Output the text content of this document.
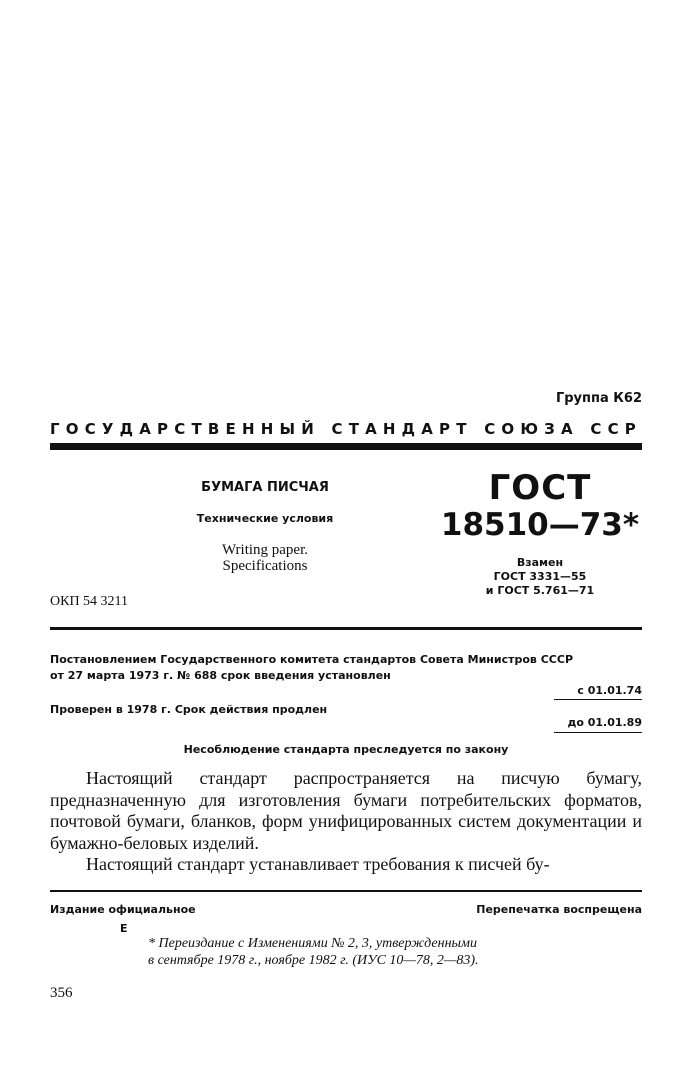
Группа К62
ГОСУДАРСТВЕННЫЙ СТАНДАРТ СОЮЗА ССР
БУМАГА ПИСЧАЯ
Технические условия
Writing paper.
Specifications
ОКП 54 3211
ГОСТ
18510—73*
Взамен
ГОСТ 3331—55
и ГОСТ 5.761—71
Постановлением Государственного комитета стандартов Совета Министров СССР
от 27 марта 1973 г. № 688 срок введения установлен
с 01.01.74
Проверен в 1978 г. Срок действия продлен
до 01.01.89
Несоблюдение стандарта преследуется по закону

Настоящий стандарт распространяется на писчую бумагу, предназначенную для изготовления бумаги потребительских форматов, почтовой бумаги, бланков, форм унифицированных систем документации и бумажно-беловых изделий.

Настоящий стандарт устанавливает требования к писчей бу-

Издание официальное	Перепечатка воспрещена
Е
* Переиздание с Изменениями № 2, 3, утвержденными
в сентябре 1978 г., ноябре 1982 г. (ИУС 10—78, 2—83).
356
